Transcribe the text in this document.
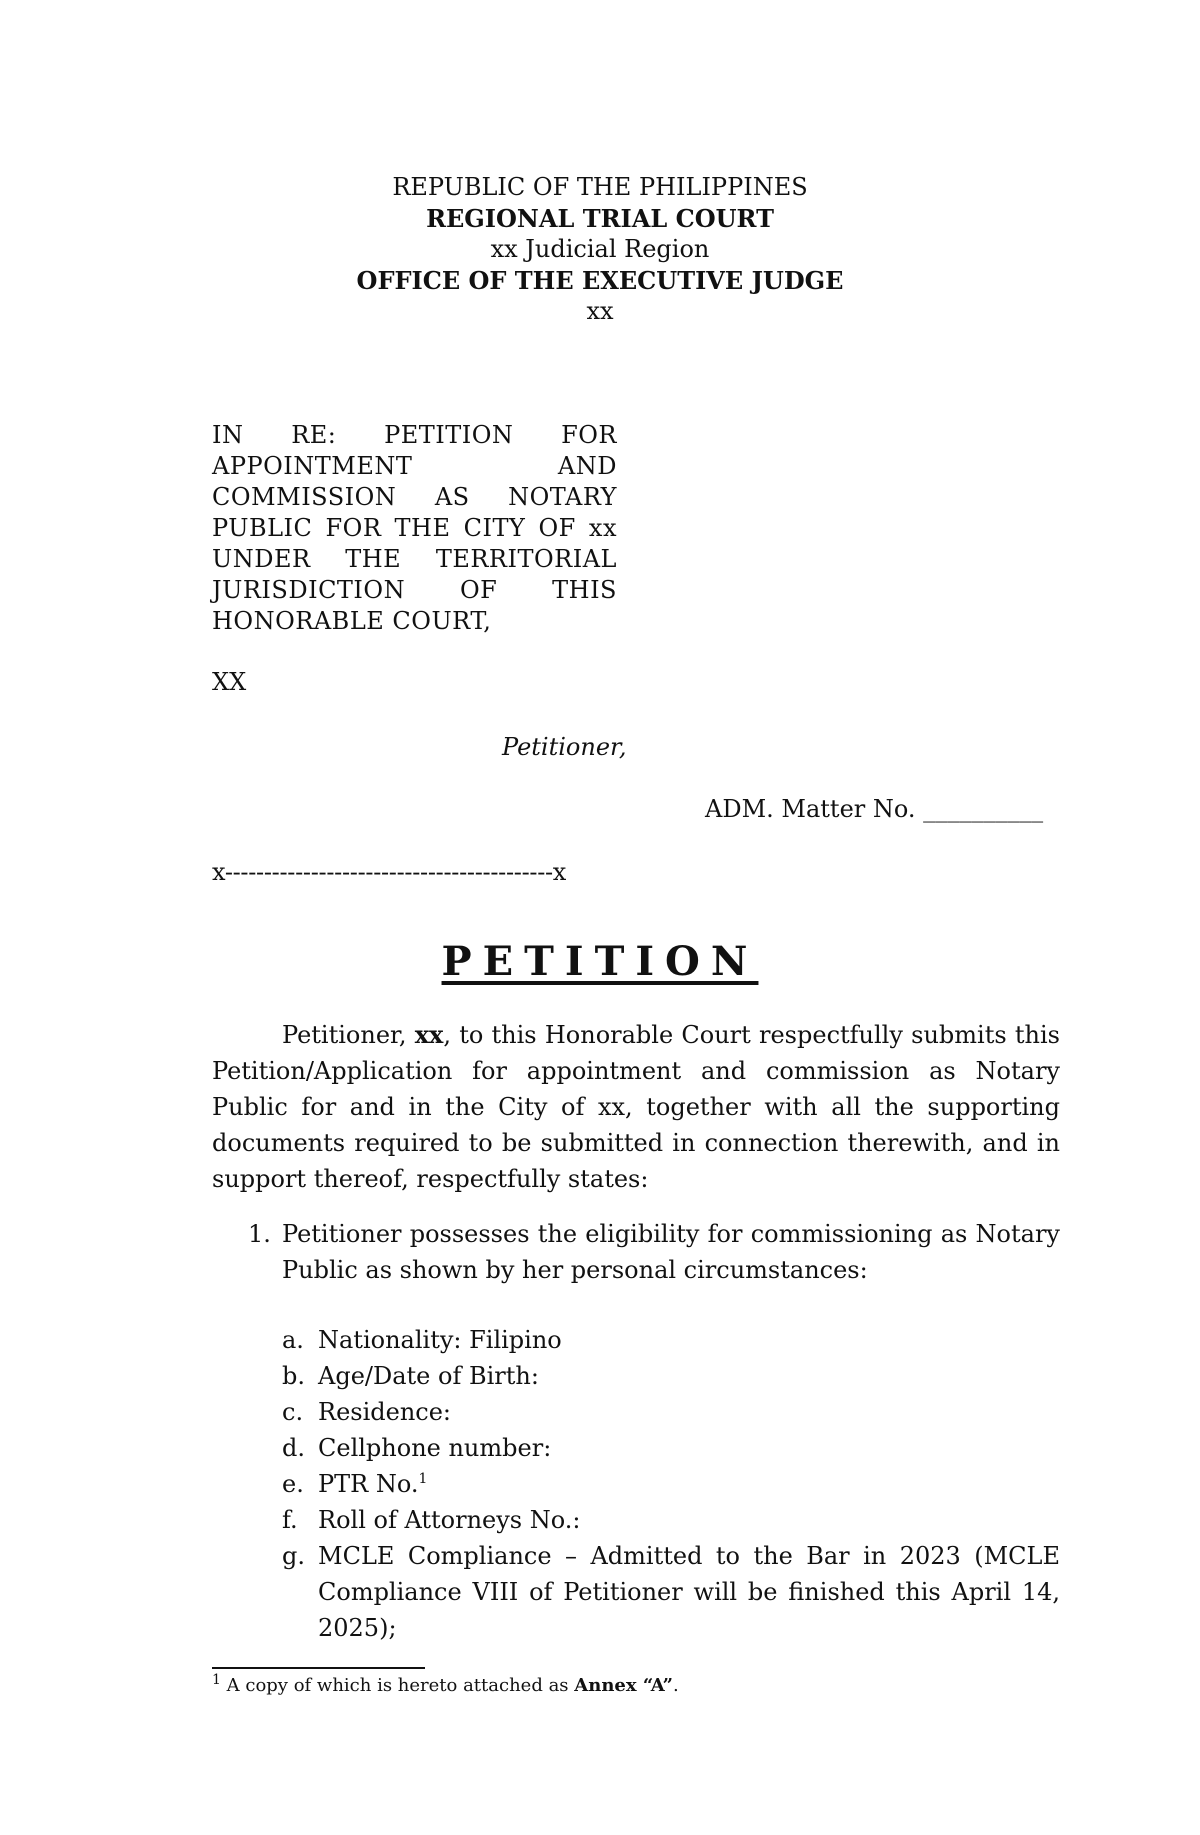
REPUBLIC OF THE PHILIPPINES
REGIONAL TRIAL COURT
xx Judicial Region
OFFICE OF THE EXECUTIVE JUDGE
xx
IN RE: PETITION FOR
APPOINTMENT AND
COMMISSION AS NOTARY
PUBLIC FOR THE CITY OF xx
UNDER THE TERRITORIAL
JURISDICTION OF THIS
HONORABLE COURT,
XX
Petitioner,
ADM. Matter No. __________
x------------------------------------------x
PETITION
Petitioner, xx, to this Honorable Court respectfully submits this Petition/Application for appointment and commission as Notary Public for and in the City of xx, together with all the supporting documents required to be submitted in connection therewith, and in support thereof, respectfully states:
1. Petitioner possesses the eligibility for commissioning as Notary Public as shown by her personal circumstances:
a. Nationality: Filipino
b. Age/Date of Birth:
c. Residence:
d. Cellphone number:
e. PTR No.$^1$
f. Roll of Attorneys No.:
g. MCLE Compliance – Admitted to the Bar in 2023 (MCLE Compliance VIII of Petitioner will be finished this April 14, 2025);
$^1$ A copy of which is hereto attached as Annex “A”.
